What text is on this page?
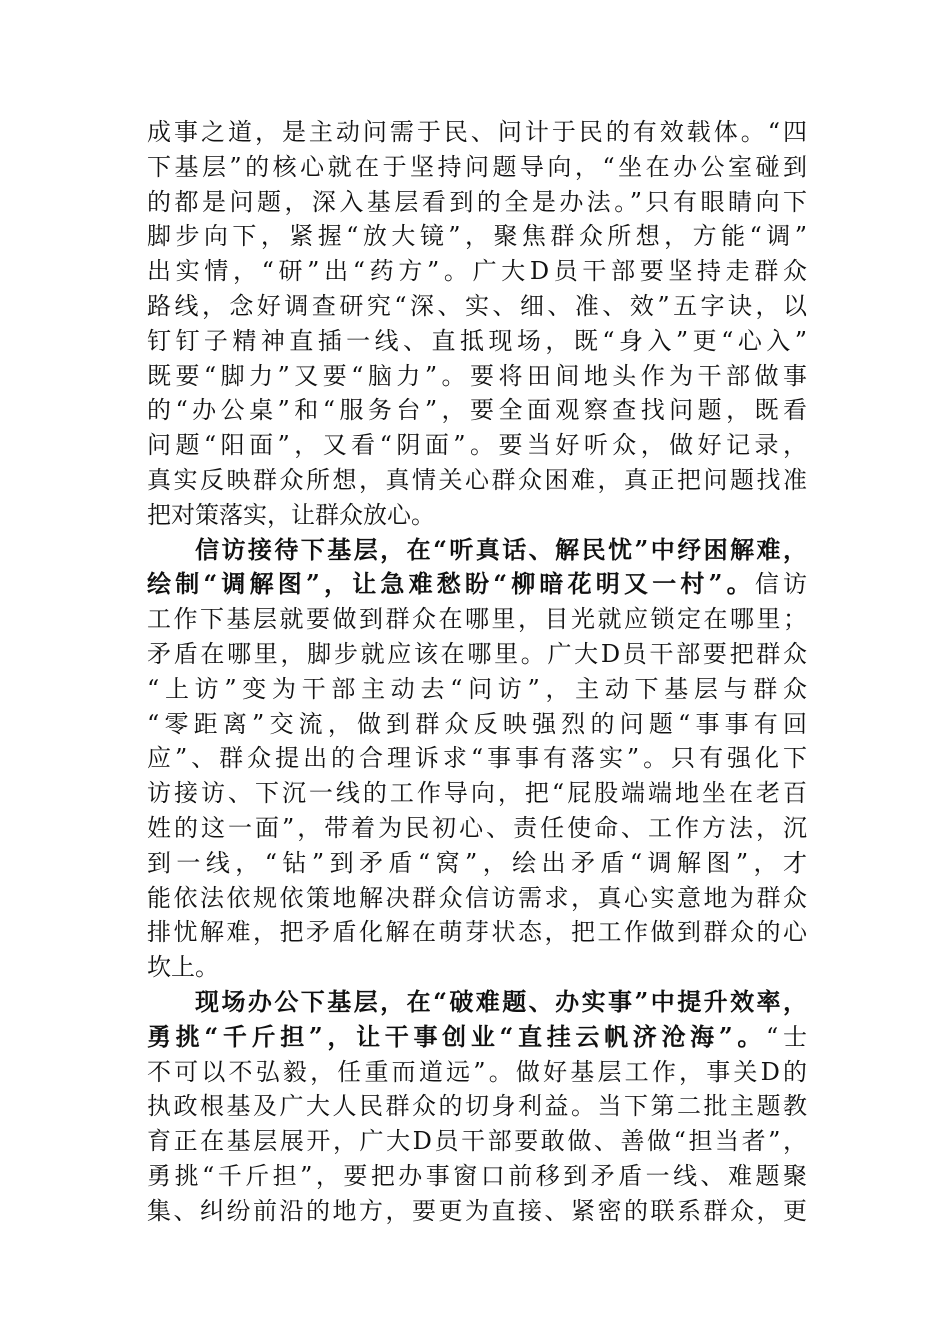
成事之道，是主动问需于民、问计于民的有效载体。“四
下基层”的核心就在于坚持问题导向，“坐在办公室碰到
的都是问题，深入基层看到的全是办法。”只有眼睛向下
脚步向下，紧握“放大镜”，聚焦群众所想，方能“调”
出实情，“研”出“药方”。广大D员干部要坚持走群众
路线，念好调查研究“深、实、细、准、效”五字诀，以
钉钉子精神直插一线、直抵现场，既“身入”更“心入”
既要“脚力”又要“脑力”。要将田间地头作为干部做事
的“办公桌”和“服务台”，要全面观察查找问题，既看
问题“阳面”，又看“阴面”。要当好听众，做好记录，
真实反映群众所想，真情关心群众困难，真正把问题找准
把对策落实，让群众放心。
信访接待下基层，在“听真话、解民忧”中纾困解难，
绘制“调解图”，让急难愁盼“柳暗花明又一村”。信访
工作下基层就要做到群众在哪里，目光就应锁定在哪里；
矛盾在哪里，脚步就应该在哪里。广大D员干部要把群众
“上访”变为干部主动去“问访”，主动下基层与群众
“零距离”交流，做到群众反映强烈的问题“事事有回
应”、群众提出的合理诉求“事事有落实”。只有强化下
访接访、下沉一线的工作导向，把“屁股端端地坐在老百
姓的这一面”，带着为民初心、责任使命、工作方法，沉
到一线，“钻”到矛盾“窝”，绘出矛盾“调解图”，才
能依法依规依策地解决群众信访需求，真心实意地为群众
排忧解难，把矛盾化解在萌芽状态，把工作做到群众的心
坎上。
现场办公下基层，在“破难题、办实事”中提升效率，
勇挑“千斤担”，让干事创业“直挂云帆济沧海”。“士
不可以不弘毅，任重而道远”。做好基层工作，事关D的
执政根基及广大人民群众的切身利益。当下第二批主题教
育正在基层展开，广大D员干部要敢做、善做“担当者”，
勇挑“千斤担”，要把办事窗口前移到矛盾一线、难题聚
集、纠纷前沿的地方，要更为直接、紧密的联系群众，更
